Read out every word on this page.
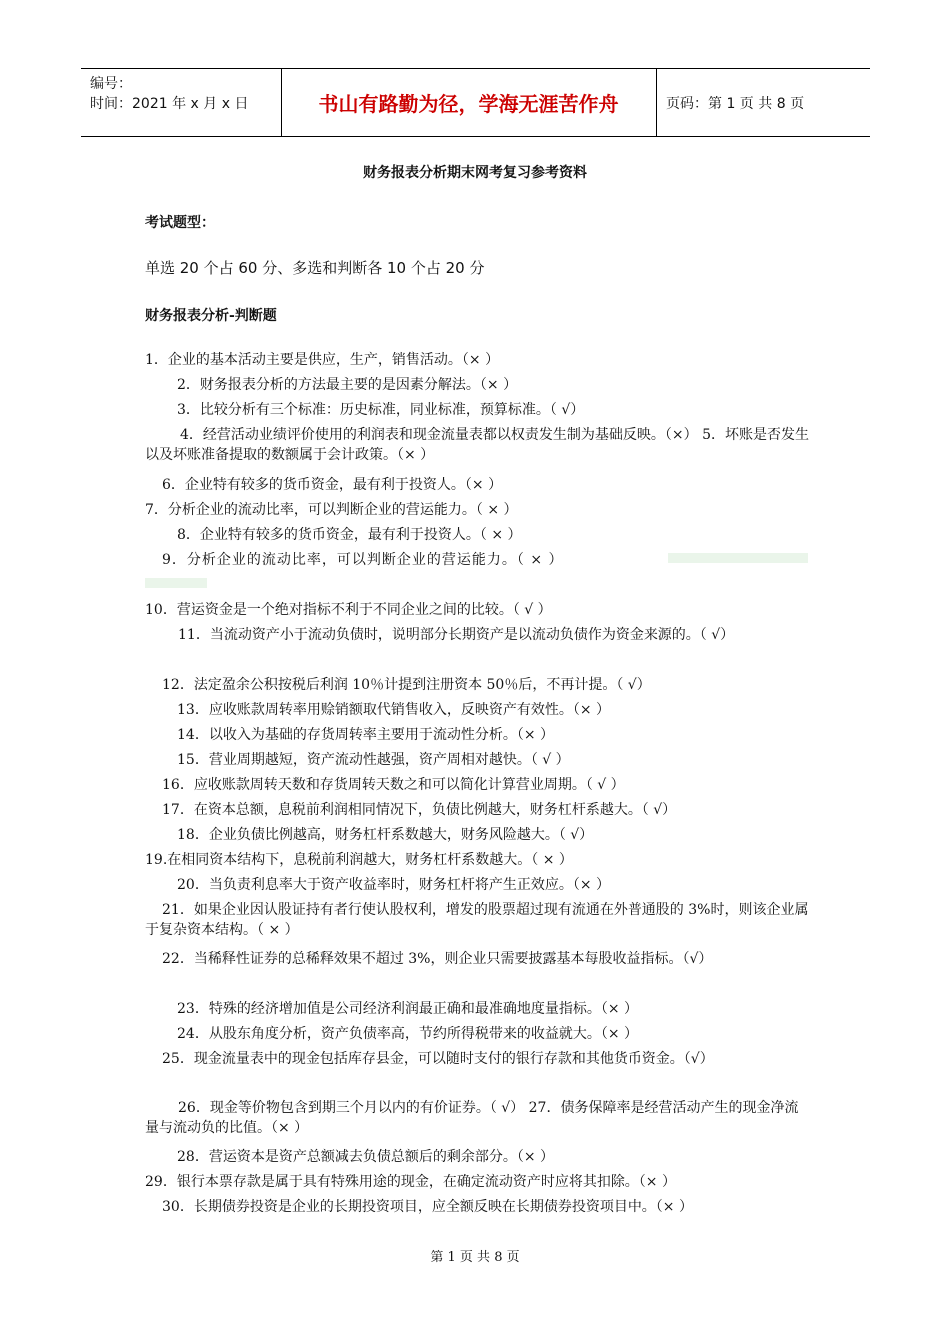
编号：
时间：2021 年 x 月 x 日	书山有路勤为径，学海无涯苦作舟	页码：第 1 页 共 8 页
财务报表分析期末网考复习参考资料
考试题型：
单选 20 个占 60 分、多选和判断各 10 个占 20 分
财务报表分析-判断题
1．企业的基本活动主要是供应，生产，销售活动。（× ）
2．财务报表分析的方法最主要的是因素分解法。（× ）
3．比较分析有三个标准：历史标准，同业标准，预算标准。（ √）
4．经营活动业绩评价使用的利润表和现金流量表都以权责发生制为基础反映。（×） 5．坏账是否发生以及坏账准备提取的数额属于会计政策。（× ）
6．企业特有较多的货币资金，最有利于投资人。（× ）
7．分析企业的流动比率，可以判断企业的营运能力。（ × ）
8．企业特有较多的货币资金，最有利于投资人。（ × ）
9．分析企业的流动比率，可以判断企业的营运能力。（ × ）
10．营运资金是一个绝对指标不利于不同企业之间的比较。（ √ ）
11．当流动资产小于流动负债时，说明部分长期资产是以流动负债作为资金来源的。（ √）
12．法定盈余公积按税后利润 10％计提到注册资本 50％后，不再计提。（ √）
13．应收账款周转率用赊销额取代销售收入，反映资产有效性。（× ）
14．以收入为基础的存货周转率主要用于流动性分析。（× ）
15．营业周期越短，资产流动性越强，资产周相对越快。（ √ ）
16．应收账款周转天数和存货周转天数之和可以简化计算营业周期。（ √ ）
17．在资本总额，息税前利润相同情况下，负债比例越大，财务杠杆系越大。（ √）
18．企业负债比例越高，财务杠杆系数越大，财务风险越大。（ √）
19.在相同资本结构下，息税前利润越大，财务杠杆系数越大。（ × ）
20．当负责利息率大于资产收益率时，财务杠杆将产生正效应。（× ）
21．如果企业因认股证持有者行使认股权利，增发的股票超过现有流通在外普通股的 3%时，则该企业属于复杂资本结构。（ × ）
22．当稀释性证券的总稀释效果不超过 3%，则企业只需要披露基本每股收益指标。（√）
23．特殊的经济增加值是公司经济利润最正确和最准确地度量指标。（× ）
24．从股东角度分析，资产负债率高，节约所得税带来的收益就大。（× ）
25．现金流量表中的现金包括库存县金，可以随时支付的银行存款和其他货币资金。（√）
26．现金等价物包含到期三个月以内的有价证券。（ √） 27．债务保障率是经营活动产生的现金净流量与流动负的比值。（× ）
28．营运资本是资产总额减去负债总额后的剩余部分。（× ）
29．银行本票存款是属于具有特殊用途的现金，在确定流动资产时应将其扣除。（× ）
30．长期债券投资是企业的长期投资项目，应全额反映在长期债券投资项目中。（× ）
第 1 页 共 8 页
